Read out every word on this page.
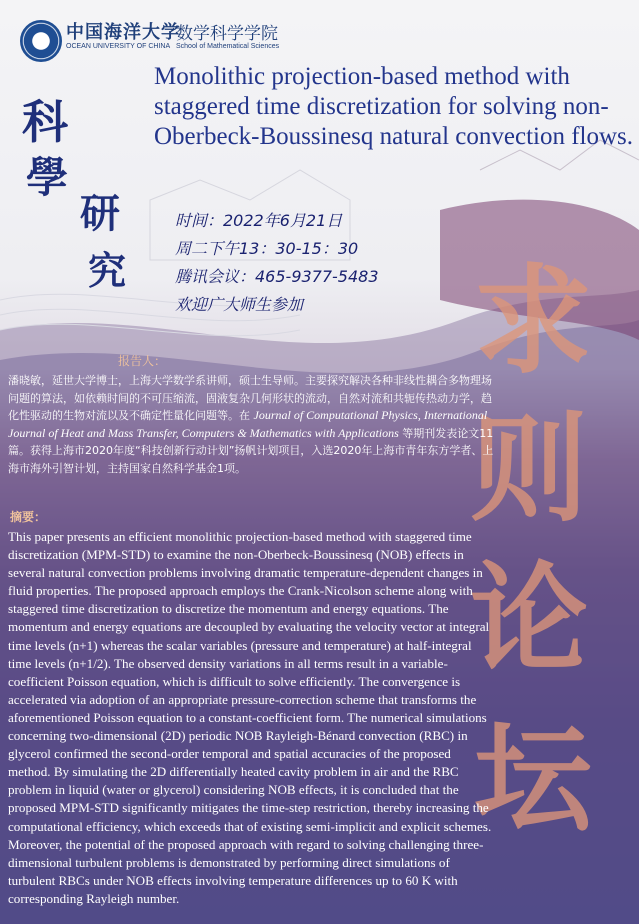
中国海洋大学
OCEAN UNIVERSITY OF CHINA
数学科学学院
School of Mathematical Sciences
Monolithic projection-based method with staggered time discretization for solving non-Oberbeck-Boussinesq natural convection flows.
科
學
研
究
时间：2022年6月21日
周二下午13：30-15：30
腾讯会议：465-9377-5483
欢迎广大师生参加 求
则
论
坛
报告人：
潘晓敏，延世大学博士，上海大学数学系讲师，硕士生导师。主要探究解决各种非线性耦合多物理场问题的算法，如依赖时间的不可压缩流，固液复杂几何形状的流动，自然对流和共轭传热动力学，趋化性驱动的生物对流以及不确定性量化问题等。在 Journal of Computational Physics, International Journal of Heat and Mass Transfer, Computers & Mathematics with Applications 等期刊发表论文11篇。获得上海市2020年度“科技创新行动计划”扬帆计划项目，入选2020年上海市青年东方学者、上海市海外引智计划，主持国家自然科学基金1项。
摘要：
This paper presents an efficient monolithic projection-based method with staggered time discretization (MPM-STD) to examine the non-Oberbeck-Boussinesq (NOB) effects in several natural convection problems involving dramatic temperature-dependent changes in fluid properties. The proposed approach employs the Crank-Nicolson scheme along with staggered time discretization to discretize the momentum and energy equations. The momentum and energy equations are decoupled by evaluating the velocity vector at integral time levels (n+1) whereas the scalar variables (pressure and temperature) at half-integral time levels (n+1/2). The observed density variations in all terms result in a variable-coefficient Poisson equation, which is difficult to solve efficiently. The convergence is accelerated via adoption of an appropriate pressure-correction scheme that transforms the aforementioned Poisson equation to a constant-coefficient form. The numerical simulations concerning two-dimensional (2D) periodic NOB Rayleigh-Bénard convection (RBC) in glycerol confirmed the second-order temporal and spatial accuracies of the proposed method. By simulating the 2D differentially heated cavity problem in air and the RBC problem in liquid (water or glycerol) considering NOB effects, it is concluded that the proposed MPM-STD significantly mitigates the time-step restriction, thereby increasing the computational efficiency, which exceeds that of existing semi-implicit and explicit schemes. Moreover, the potential of the proposed approach with regard to solving challenging three-dimensional turbulent problems is demonstrated by performing direct simulations of turbulent RBCs under NOB effects involving temperature differences up to 60 K with corresponding Rayleigh number.
